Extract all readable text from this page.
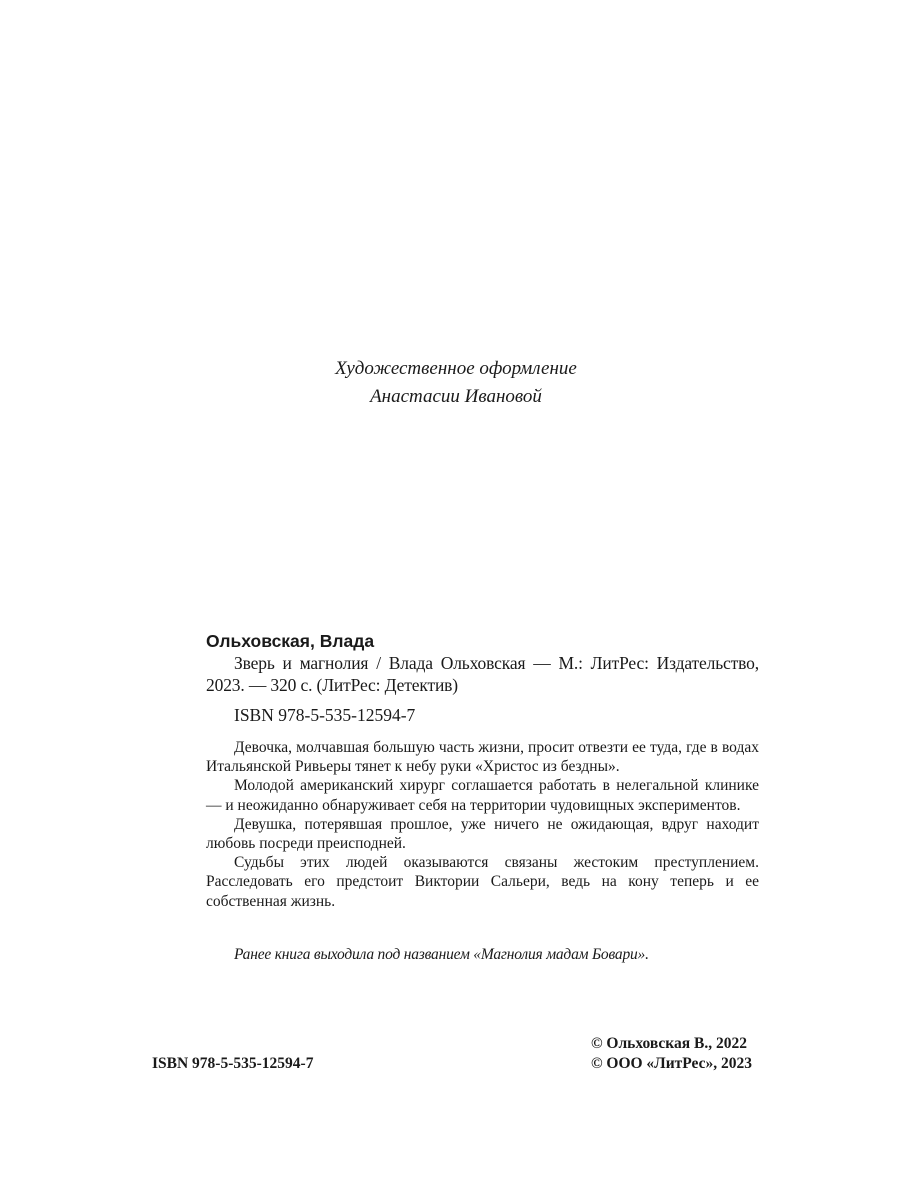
Художественное оформление
Анастасии Ивановой
Ольховская, Влада

Зверь и магнолия / Влада Ольховская — М.: ЛитРес: Издательство, 2023. — 320 с. (ЛитРес: Детектив)

ISBN 978-5-535-12594-7

Девочка, молчавшая большую часть жизни, просит отвезти ее туда, где в водах Итальянской Ривьеры тянет к небу руки «Христос из бездны».

Молодой американский хирург соглашается работать в нелегальной клинике — и неожиданно обнаруживает себя на территории чудовищных экспериментов.

Девушка, потерявшая прошлое, уже ничего не ожидающая, вдруг находит любовь посреди преисподней.

Судьбы этих людей оказываются связаны жестоким преступлением. Расследовать его предстоит Виктории Сальери, ведь на кону теперь и ее собственная жизнь.

Ранее книга выходила под названием «Магнолия мадам Бовари».
ISBN 978-5-535-12594-7
© Ольховская В., 2022
© ООО «ЛитРес», 2023
